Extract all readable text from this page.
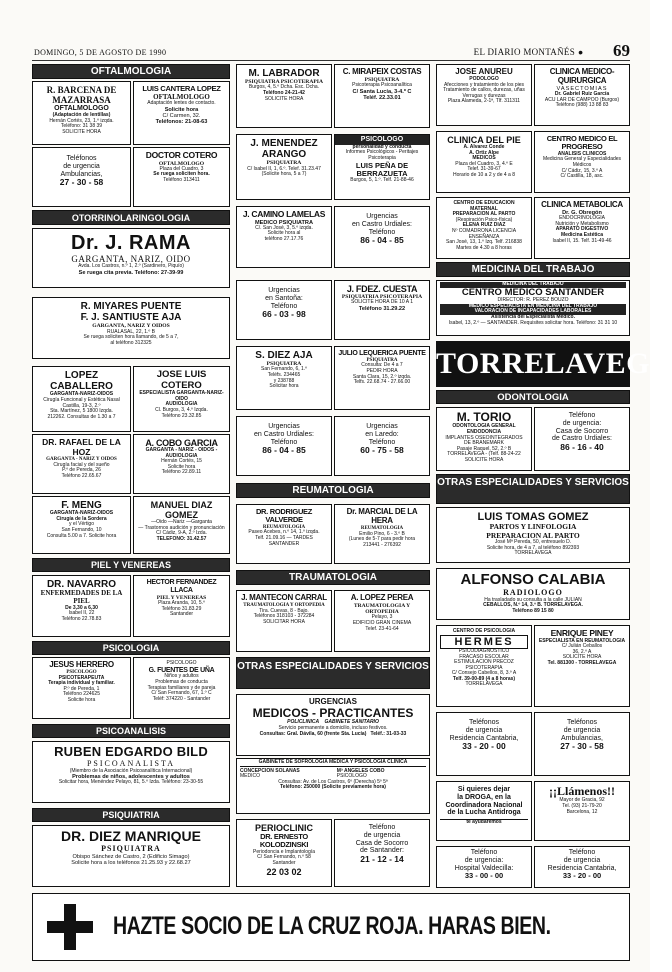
DOMINGO, 5 DE AGOSTO DE 1990	EL DIARIO MONTAÑÉS • 69
OFTALMOLOGIA
R. BARCENA DE MAZARRASA
OFTALMOLOGO
(Adaptación de lentillas)
Hernán Cortés, 23, 1.º izqda.
Teléfono: 31 38 39
SOLICITE HORA
LUIS CANTERA LOPEZ
OFTALMOLOGO
Adaptación lentes de contacto.
Solicite hora
C/ Carmen, 32.
Teléfonos: 21-08-63
Teléfonos
de urgencia
Ambulancias,
27 - 30 - 58
DOCTOR COTERO
OFTALMOLOGO
Plaza del Cuadro, 3
Se ruega soliciten hora.
Teléfono 313411
OTORRINOLARINGOLOGIA
Dr. J. RAMA
GARGANTA, NARIZ, OIDO
Avda. Los Castros, n.º 1, 2.º (Sardinero, Piquío)
Se ruega cita previa. Teléfono: 27-39-99
R. MIYARES PUENTE
F. J. SANTIUSTE AJA
GARGANTA, NARIZ Y OIDOS
RUALASAL, 22, 1.º B
Se ruega soliciten hora llamando, de 5 a 7,
al teléfono 312325
LOPEZ CABALLERO
GARGANTA-NARIZ-OIDOS
Cirugía Funcional y Estética Nasal
Castilla, 19-3, 2.º
Sta. Martínez, 5 1800 Izqda.
212262. Consultas de 1.30 a 7
JOSE LUIS COTERO
ESPECIALISTA GARGANTA-NARIZ-OIDO
AUDIOLOGIA
Cl. Burgos, 3, 4.º Izqda.
Teléfono 23.32.85
DR. RAFAEL DE LA HOZ
GARGANTA - NARIZ Y OIDOS
Cirugía facial y del sueño
P.º de Pereda, 26
Teléfono 22.65.67
A. COBO GARCIA
GARGANTA - NARIZ - OIDOS - AUDIOLOGIA
Hernán Cortés, 15
Solicite hora
Teléfono 22.89.11
F. MENG
GARGANTA-NARIZ-OIDOS
Cirugía de la Sordera
y el Vértigo
San Fernando, 10
Consulta 5.00 a 7. Solicite hora
MANUEL DIAZ GOMEZ
—Oido —Nariz —Garganta
— Trastornos audición y pronunciación
C/ Cádiz, 9-A, 2.º Izda.
TELEFONO: 31.42.57
PIEL Y VENEREAS
DR. NAVARRO
ENFERMEDADES DE LA PIEL
De 3,30 a 6,30
Isabel II, 22
Teléfono 22.78.83
HECTOR FERNANDEZ LLACA
PIEL Y VENEREAS
Plaza Aranda, 10, 5.º
Teléfono 31.83.29
Santander
PSICOLOGIA
JESUS HERRERO
PSICOLOGO
PSICOTERAPEUTA
Terapia individual y familiar.
P.º de Pereda, 1
Teléfono 224625
Solicite hora
PSICOLOGO
G. FUENTES DE UÑA
Niños y adultos
Problemas de conducta
Terapias familiares y de pareja
C/ San Fernando, 67, 1.º C
Teléf: 374220 - Santander
PSICOANALISIS
RUBEN EDGARDO BILD
PSICOANALISTA
(Miembro de la Asociación Psicoanalítica Internacional)
Problemas de niños, adolescentes y adultos
Solicitar hora, Menéndez Pelayo, 81, 5.º Izda. Teléfono: 23-30-55
PSIQUIATRIA
DR. DIEZ MANRIQUE
PSIQUIATRA
Obispo Sánchez de Castro, 2 (Edificio Simago)
Solicite hora a los teléfonos 21.25.93 y 22.68.27
M. LABRADOR
PSIQUIATRA PSICOTERAPIA
Burgos, 4, 5.º Dcha. Esc. Dcha.
Teléfono 24-21-42
SOLICITE HORA
C. MIRAPEIX COSTAS
PSIQUIATRA
Psicoterapia Psicoanalítica
C/ Santa Lucía, 3-4.º C
Teléf. 22.33.01
J. MENENDEZ ARANGO
PSIQUIATRA
C/ Isabel II, 1, 6.º. Telef. 31.23.47
(Solicite hora, 5 a 7)
PSICOLOGO
personalidad y conducta
Informes Psicológicos - Peritajes
Psicoterapia
LUIS PEÑA DE BERRAZUETA
Burgos, 5, 1.º. Telf. 21-88-46
J. CAMINO LAMELAS
MEDICO PSIQUIATRA
C/. San José, 3, 5.º izqda.
Solicite hora al
teléfono 27.17.76
Urgencias
en Castro Urdiales:
Teléfono
86 - 04 - 85
Urgencias
en Santoña:
Teléfono
66 - 03 - 98
J. FDEZ. CUESTA
PSIQUIATRIA PSICOTERAPIA
SOLICITE HORA DE 10 A 1
Teléfono 31.29.22
S. DIEZ AJA
PSIQUIATRA
San Fernando, 6, 1.º
Teléfs. 234465
y 238788
Solicitar hora
JULIO LEQUERICA PUENTE
PSIQUIATRA
Consulta: De 4 a 7
PEDIR HORA
Santa Clara, 15, 2.º izqda.
Telfs. 22.68.74 - 27.66.00
Urgencias
en Castro Urdiales:
Teléfono
86 - 04 - 85
Urgencias
en Laredo:
Teléfono
60 - 75 - 58
REUMATOLOGIA
DR. RODRIGUEZ VALVERDE
REUMATOLOGIA
Paseo Acebes, n.º 14, 1.º izqda.
Telf. 21.09.16 — TARDES
SANTANDER
Dr. MARCIAL DE LA HERA
REUMATOLOGIA
Emilio Pino, 6 - 3.º B
(Lunes de 5-7 para pedir hora
213441 - 276392
TRAUMATOLOGIA
J. MANTECON CARRAL
TRAUMATOLOGIA Y ORTOPEDIA
Tira. Cuevas, 8 - Bajo.
Teléfonos 318103 - 372284
SOLICITAR HORA
A. LOPEZ PEREA
TRAUMATOLOGIA Y ORTOPEDIA
Pelayo, 3
EDIFICIO GRAN CINEMA
Telef. 23-41-64
OTRAS ESPECIALIDADES Y SERVICIOS
URGENCIAS
MEDICOS - PRACTICANTES
POLICLINICA GABINETE SANITARIO
Servicio permanente a domicilio, incluso festivos.
Consultas: Gral. Dávila, 60 (frente Sta. Lucía) Teléf.: 31-03-33
GABINETE DE SOFROLOGIA MEDICA Y PSICOLOGIA CLINICA
CONCEPCION SOLANAS
MEDICO
Mª ANGELES COBO
PSICOLOGO
Consultas: Av. de Los Castros, 6º (Derecha) 5º 5ª
Teléfono: 250000 (Solicite previamente hora)
PERIOCLINIC
DR. ERNESTO KOLODZINSKI
Periodoncia e Implantología
C/ San Fernando, n.º 58
Santander
22 03 02
Teléfono
de urgencia
Casa de Socorro
de Santander:
21 - 12 - 14
JOSE ANUREU
PODOLOGO
Afecciones y tratamiento de los pies
Tratamiento de callos, durezas, uñas
Verrugas y durezas
Plaza Alameda, 2-1ª, Tlf. 311311
CLINICA MEDICO-QUIRURGICA
VASECTOMIAS
Dr. Gabriel Ruiz García
ACU LAR DE CAMPOO (Burgos)
Teléfono (988) 13 88 83
CLINICA DEL PIE
A. Alvarez Conde
A. Ortiz Alpe
MEDICOS
Plaza del Cuadro, 3, 4.º E
Telef. 31-39-67
Horario de 10 a 2 y de 4 a 8
CENTRO MEDICO EL PROGRESO
ANALISIS CLINICOS
Medicina General y Especialidades
Médicos
C/ Cádiz, 15, 3.º A
C/ Castilla, 18, asc.
CENTRO DE EDUCACION MATERNAL
PREPARACION AL PARTO
(Respiración Psico-física)
ELENA RUIZ DIAZ
Nº COMADRONA LICENCIA ENSEÑANZA
San José, 13, 1.º Izq. Telf. 216838
Martes de 4.30 a 8 horas
CLINICA METABOLICA
Dr. G. Obregón
ENDOCRINOLOGIA
Nutrición y Metabolismo
APARATO DIGESTIVO
Medicina Estética
Isabel II, 15. Telf. 31-49-46
MEDICINA DEL TRABAJO
MEDICINA DEL TRABAJO
CENTRO MEDICO SANTANDER
DIRECTOR: R. PEREZ BOUZO
MEDICO ESPECIALISTA EN MEDICINA DEL TRABAJO
VALORACION DE INCAPACIDADES LABORALES
Asistencia del Especialista Médico.
Isabel, 13, 2.º — SANTANDER. Requisites solicitar hora. Teléfono: 31 31 10
TORRELAVEGA
ODONTOLOGIA
M. TORIO
ODONTOLOGIA GENERAL
ENDODONCIA
IMPLANTES OSEOINTEGRADOS
DE BRANEMARK
Pasaje Raquel, 52, 2.º B
TORRELAVEGA - (Telf. 88-24-22
SOLICITE HORA
Teléfono
de urgencia:
Casa de Socorro
de Castro Urdiales:
86 - 16 - 40
OTRAS ESPECIALIDADES Y SERVICIOS
LUIS TOMAS GOMEZ
PARTOS Y LINFOLOGIA
PREPARACION AL PARTO
José Mª Pereda, 50, entresuelo D.
Solicite hora, de 4 a 7, al teléfono 892393
TORRELAVEGA
ALFONSO CALABIA
RADIOLOGO
Ha trasladado su consulta a la calle JULIAN
CEBALLOS, N.º 14, 3.º B. TORRELAVEGA.
Teléfono 89 15 80
CENTRO DE PSICOLOGIA
HERMES
PSICODIAGNOSTICO
FRACASO ESCOLAR
ESTIMULACION PRECOZ
PSICOTERAPIA
C/ Consejo Cabellos, 8, 3.º A
Telf. 39-00-89 (4 a 8 horas)
TORRELAVEGA
ENRIQUE PINEY
ESPECIALISTA EN REUMATOLOGIA
C/ Julián Ceballos
36, 2.º A
SOLICITE HORA
Tel. 881300 - TORRELAVEGA
Teléfonos
de urgencia
Residencia Cantabria,
33 - 20 - 00
Teléfonos
de urgencia
Ambulancias,
27 - 30 - 58
Si quieres dejar
la DROGA, en la
Coordinadora Nacional
de la Lucha Antidroga
te ayudaremos
¡¡Llámenos!!
Mayor de Gracia, 92
Tel. (93) 21-79-20
Barcelona, 12
Teléfono
de urgencia:
Hospital Valdecilla:
33 - 00 - 00
Teléfono
de urgencia
Residencia Cantabria,
33 - 20 - 00
HAZTE SOCIO DE LA CRUZ ROJA. HARAS BIEN.
